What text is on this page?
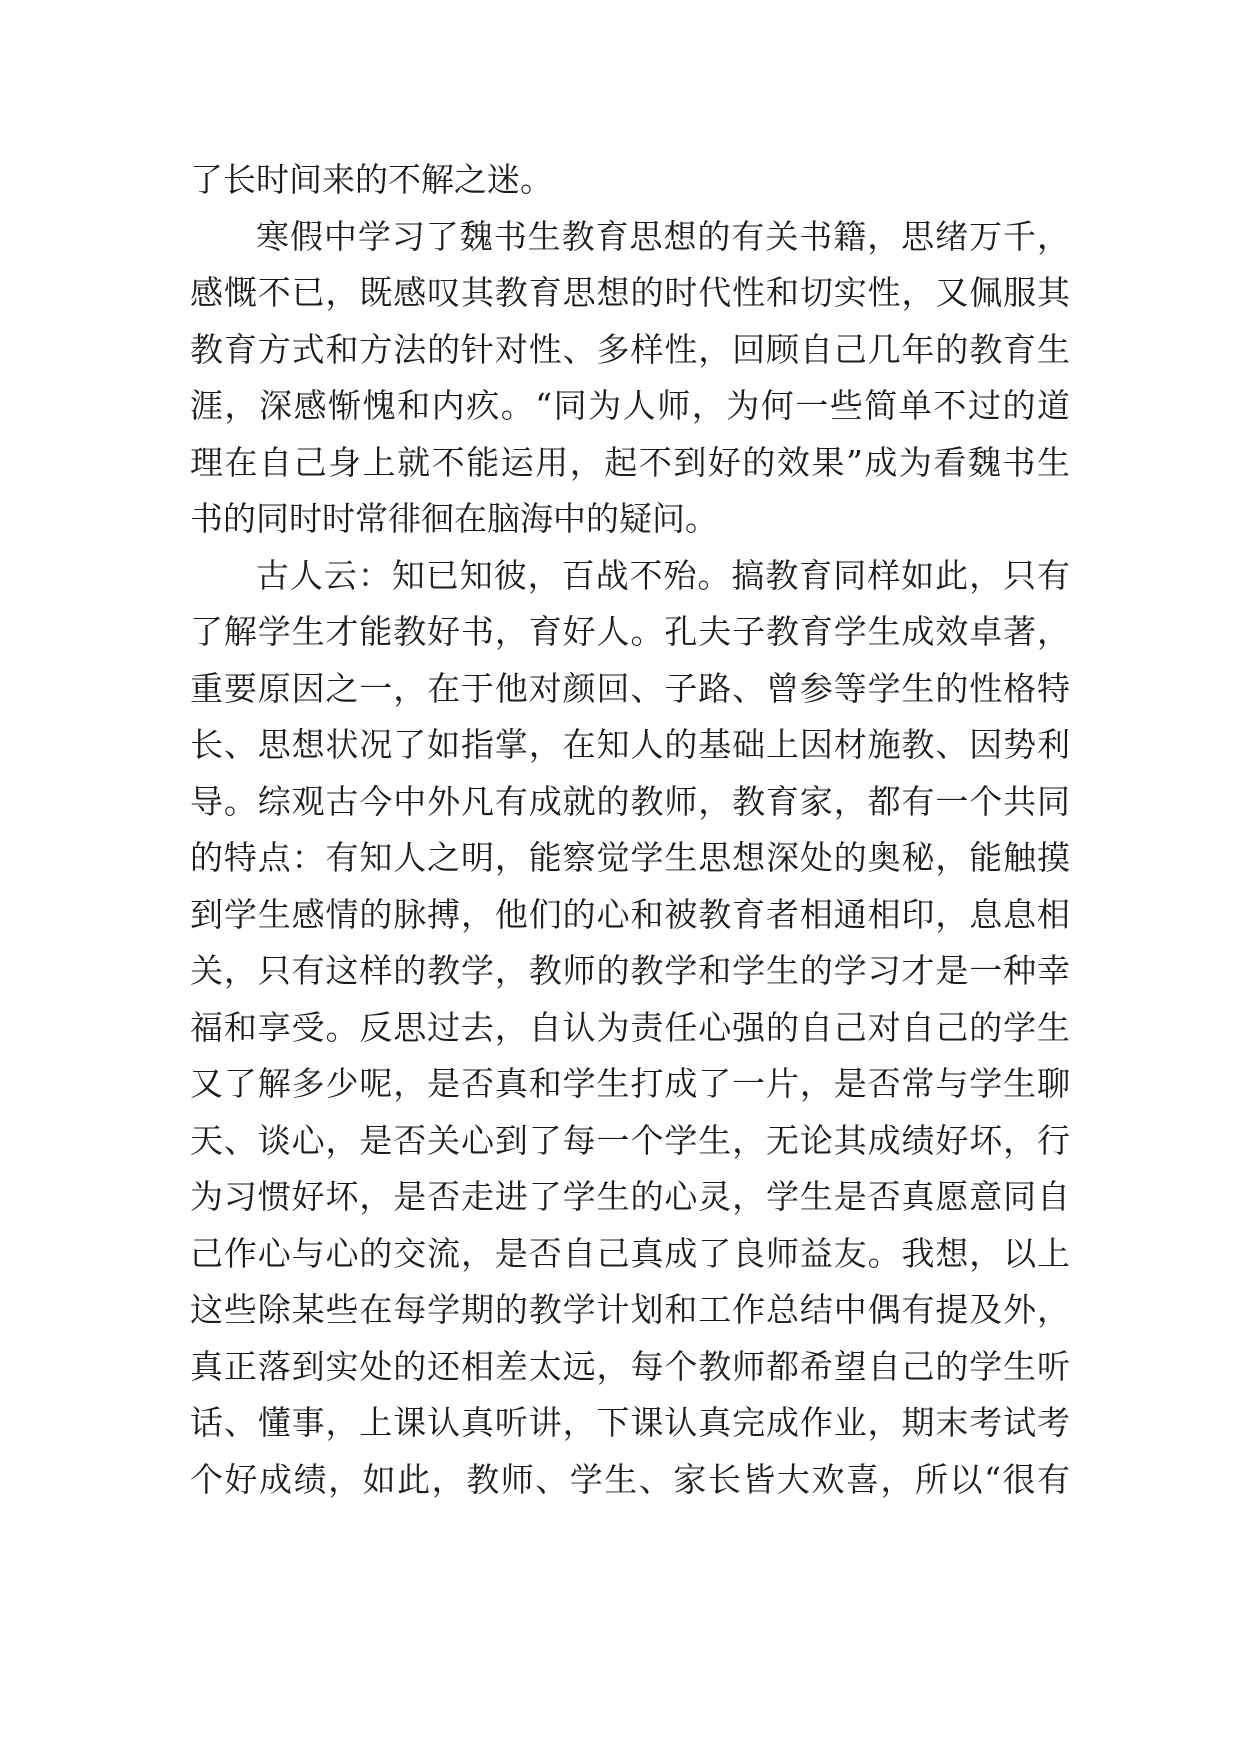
了长时间来的不解之迷。
寒假中学习了魏书生教育思想的有关书籍，思绪万千，
感慨不已，既感叹其教育思想的时代性和切实性，又佩服其
教育方式和方法的针对性、多样性，回顾自己几年的教育生
涯，深感惭愧和内疚。“同为人师，为何一些简单不过的道
理在自己身上就不能运用，起不到好的效果”成为看魏书生
书的同时时常徘徊在脑海中的疑问。
古人云：知已知彼，百战不殆。搞教育同样如此，只有
了解学生才能教好书，育好人。孔夫子教育学生成效卓著，
重要原因之一，在于他对颜回、子路、曾参等学生的性格特
长、思想状况了如指掌，在知人的基础上因材施教、因势利
导。综观古今中外凡有成就的教师，教育家，都有一个共同
的特点：有知人之明，能察觉学生思想深处的奥秘，能触摸
到学生感情的脉搏，他们的心和被教育者相通相印，息息相
关，只有这样的教学，教师的教学和学生的学习才是一种幸
福和享受。反思过去，自认为责任心强的自己对自己的学生
又了解多少呢，是否真和学生打成了一片，是否常与学生聊
天、谈心，是否关心到了每一个学生，无论其成绩好坏，行
为习惯好坏，是否走进了学生的心灵，学生是否真愿意同自
己作心与心的交流，是否自己真成了良师益友。我想，以上
这些除某些在每学期的教学计划和工作总结中偶有提及外，
真正落到实处的还相差太远，每个教师都希望自己的学生听
话、懂事，上课认真听讲，下课认真完成作业，期末考试考
个好成绩，如此，教师、学生、家长皆大欢喜，所以“很有
